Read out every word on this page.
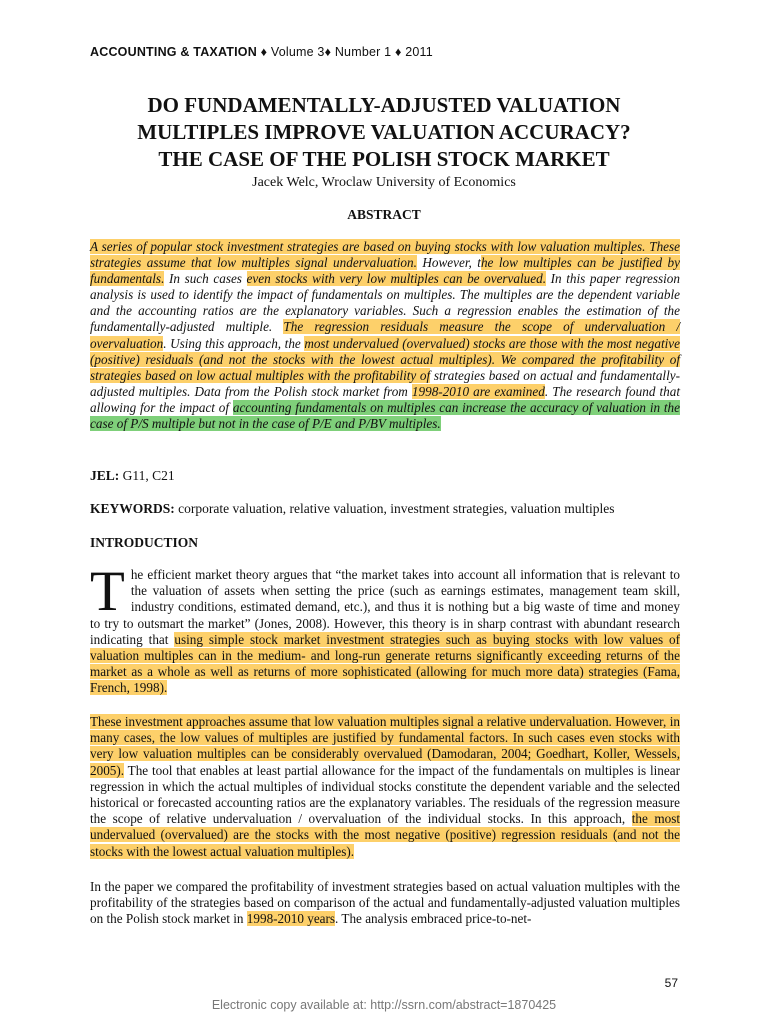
ACCOUNTING & TAXATION ♦ Volume 3♦ Number 1 ♦ 2011
DO FUNDAMENTALLY-ADJUSTED VALUATION
MULTIPLES IMPROVE VALUATION ACCURACY?
THE CASE OF THE POLISH STOCK MARKET
Jacek Welc, Wroclaw University of Economics
ABSTRACT
A series of popular stock investment strategies are based on buying stocks with low valuation multiples. These strategies assume that low multiples signal undervaluation. However, the low multiples can be justified by fundamentals. In such cases even stocks with very low multiples can be overvalued. In this paper regression analysis is used to identify the impact of fundamentals on multiples. The multiples are the dependent variable and the accounting ratios are the explanatory variables. Such a regression enables the estimation of the fundamentally-adjusted multiple. The regression residuals measure the scope of undervaluation / overvaluation. Using this approach, the most undervalued (overvalued) stocks are those with the most negative (positive) residuals (and not the stocks with the lowest actual multiples). We compared the profitability of strategies based on low actual multiples with the profitability of strategies based on actual and fundamentally-adjusted multiples. Data from the Polish stock market from 1998-2010 are examined. The research found that allowing for the impact of accounting fundamentals on multiples can increase the accuracy of valuation in the case of P/S multiple but not in the case of P/E and P/BV multiples.
JEL: G11, C21
KEYWORDS: corporate valuation, relative valuation, investment strategies, valuation multiples
INTRODUCTION
The efficient market theory argues that “the market takes into account all information that is relevant to the valuation of assets when setting the price (such as earnings estimates, management team skill, industry conditions, estimated demand, etc.), and thus it is nothing but a big waste of time and money to try to outsmart the market” (Jones, 2008). However, this theory is in sharp contrast with abundant research indicating that using simple stock market investment strategies such as buying stocks with low values of valuation multiples can in the medium- and long-run generate returns significantly exceeding returns of the market as a whole as well as returns of more sophisticated (allowing for much more data) strategies (Fama, French, 1998).
These investment approaches assume that low valuation multiples signal a relative undervaluation. However, in many cases, the low values of multiples are justified by fundamental factors. In such cases even stocks with very low valuation multiples can be considerably overvalued (Damodaran, 2004; Goedhart, Koller, Wessels, 2005). The tool that enables at least partial allowance for the impact of the fundamentals on multiples is linear regression in which the actual multiples of individual stocks constitute the dependent variable and the selected historical or forecasted accounting ratios are the explanatory variables. The residuals of the regression measure the scope of relative undervaluation / overvaluation of the individual stocks. In this approach, the most undervalued (overvalued) are the stocks with the most negative (positive) regression residuals (and not the stocks with the lowest actual valuation multiples).
In the paper we compared the profitability of investment strategies based on actual valuation multiples with the profitability of the strategies based on comparison of the actual and fundamentally-adjusted valuation multiples on the Polish stock market in 1998-2010 years. The analysis embraced price-to-net-
57
Electronic copy available at: http://ssrn.com/abstract=1870425
